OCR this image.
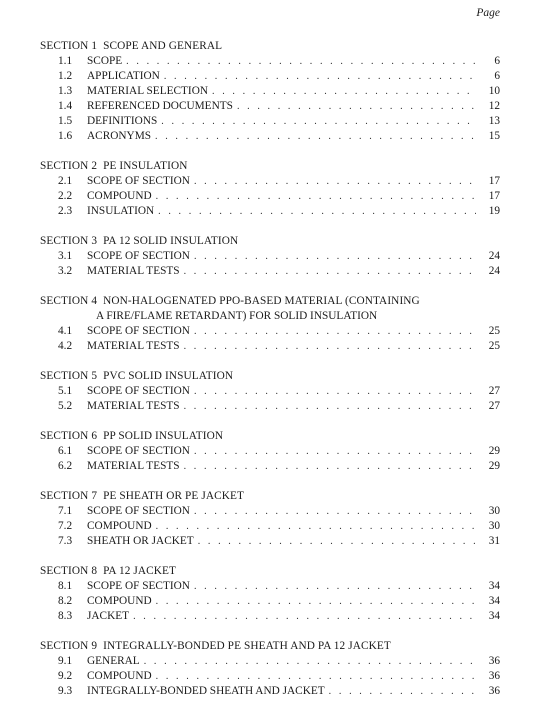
Page
SECTION 1 SCOPE AND GENERAL
1.1	SCOPE . . .	6
1.2	APPLICATION . . .	6
1.3	MATERIAL SELECTION . . .	10
1.4	REFERENCED DOCUMENTS . . .	12
1.5	DEFINITIONS . . .	13
1.6	ACRONYMS . . .	15
SECTION 2 PE INSULATION
2.1	SCOPE OF SECTION . . .	17
2.2	COMPOUND . . .	17
2.3	INSULATION . . .	19
SECTION 3 PA 12 SOLID INSULATION
3.1	SCOPE OF SECTION . . .	24
3.2	MATERIAL TESTS . . .	24
SECTION 4 NON-HALOGENATED PPO-BASED MATERIAL (CONTAINING
A FIRE/FLAME RETARDANT) FOR SOLID INSULATION
4.1	SCOPE OF SECTION . . .	25
4.2	MATERIAL TESTS . . .	25
SECTION 5 PVC SOLID INSULATION
5.1	SCOPE OF SECTION . . .	27
5.2	MATERIAL TESTS . . .	27
SECTION 6 PP SOLID INSULATION
6.1	SCOPE OF SECTION . . .	29
6.2	MATERIAL TESTS . . .	29
SECTION 7 PE SHEATH OR PE JACKET
7.1	SCOPE OF SECTION . . .	30
7.2	COMPOUND . . .	30
7.3	SHEATH OR JACKET . . .	31
SECTION 8 PA 12 JACKET
8.1	SCOPE OF SECTION . . .	34
8.2	COMPOUND . . .	34
8.3	JACKET . . .	34
SECTION 9 INTEGRALLY-BONDED PE SHEATH AND PA 12 JACKET
9.1	GENERAL . . .	36
9.2	COMPOUND . . .	36
9.3	INTEGRALLY-BONDED SHEATH AND JACKET . . .	36
